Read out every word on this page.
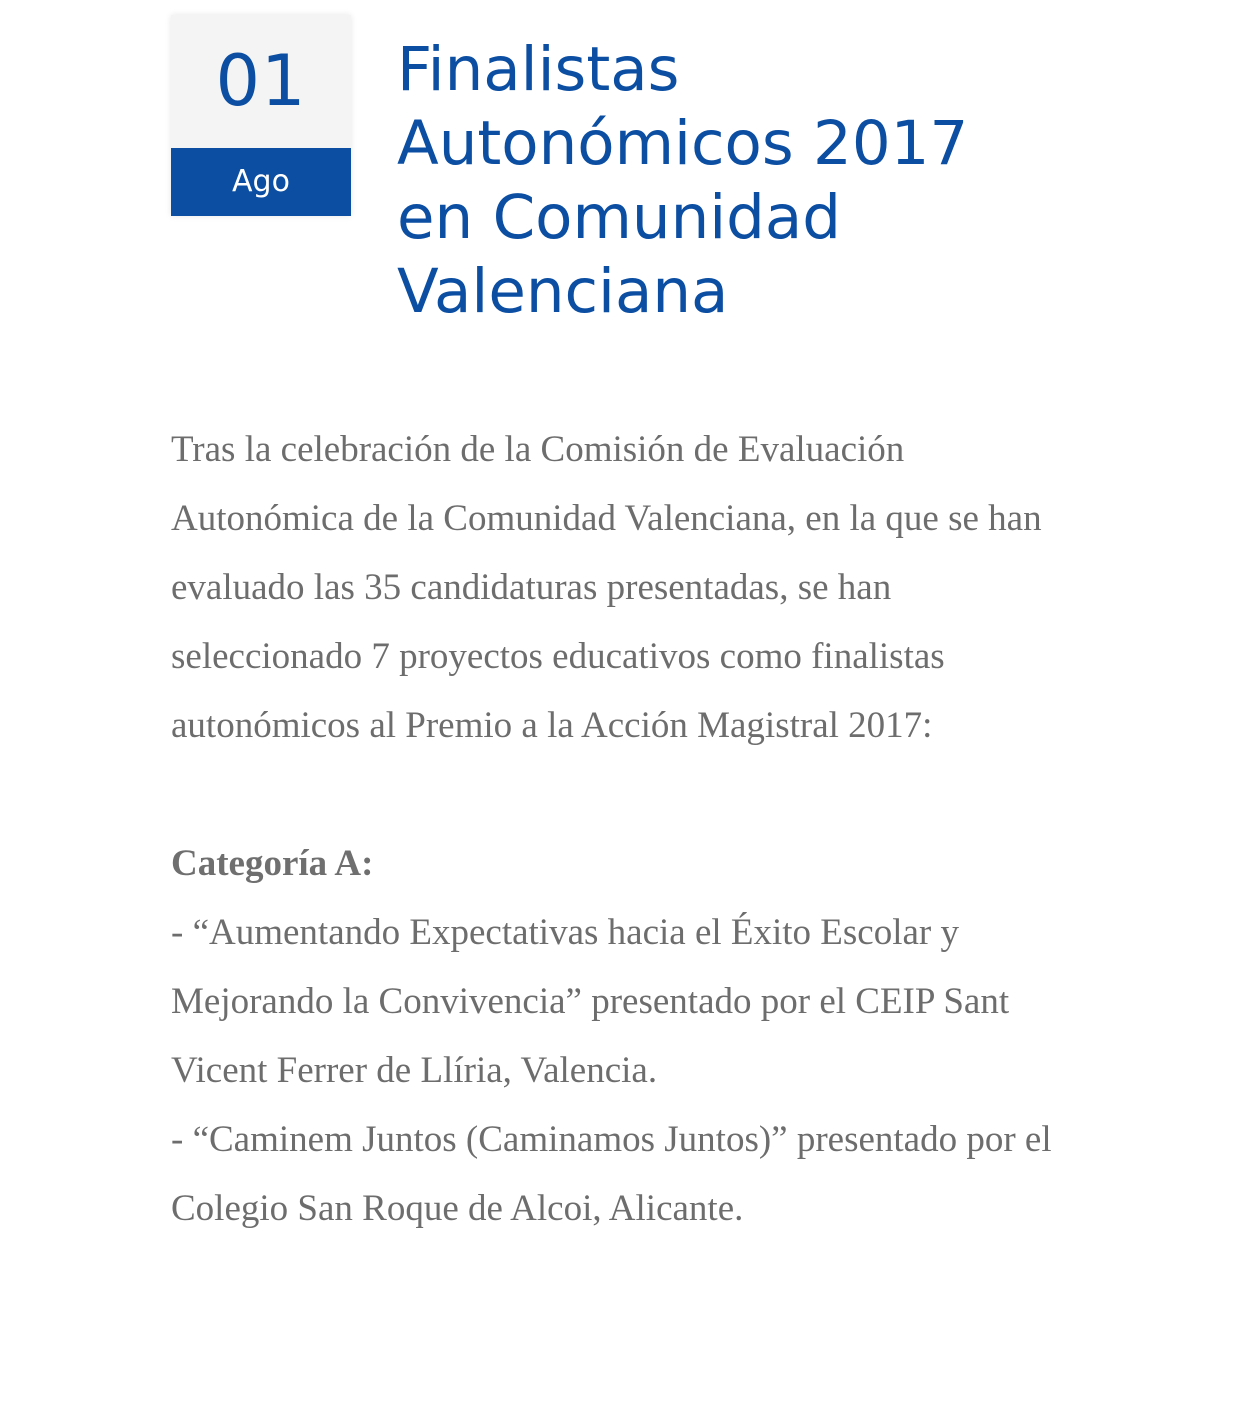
01
Ago
Finalistas Autonómicos 2017 en Comunidad Valenciana

Tras la celebración de la Comisión de Evaluación Autonómica de la Comunidad Valenciana, en la que se han evaluado las 35 candidaturas presentadas, se han seleccionado 7 proyectos educativos como finalistas autonómicos al Premio a la Acción Magistral 2017:

Categoría A:

- “Aumentando Expectativas hacia el Éxito Escolar y Mejorando la Convivencia” presentado por el CEIP Sant Vicent Ferrer de Llíria, Valencia.

- “Caminem Juntos (Caminamos Juntos)” presentado por el Colegio San Roque de Alcoi, Alicante.
